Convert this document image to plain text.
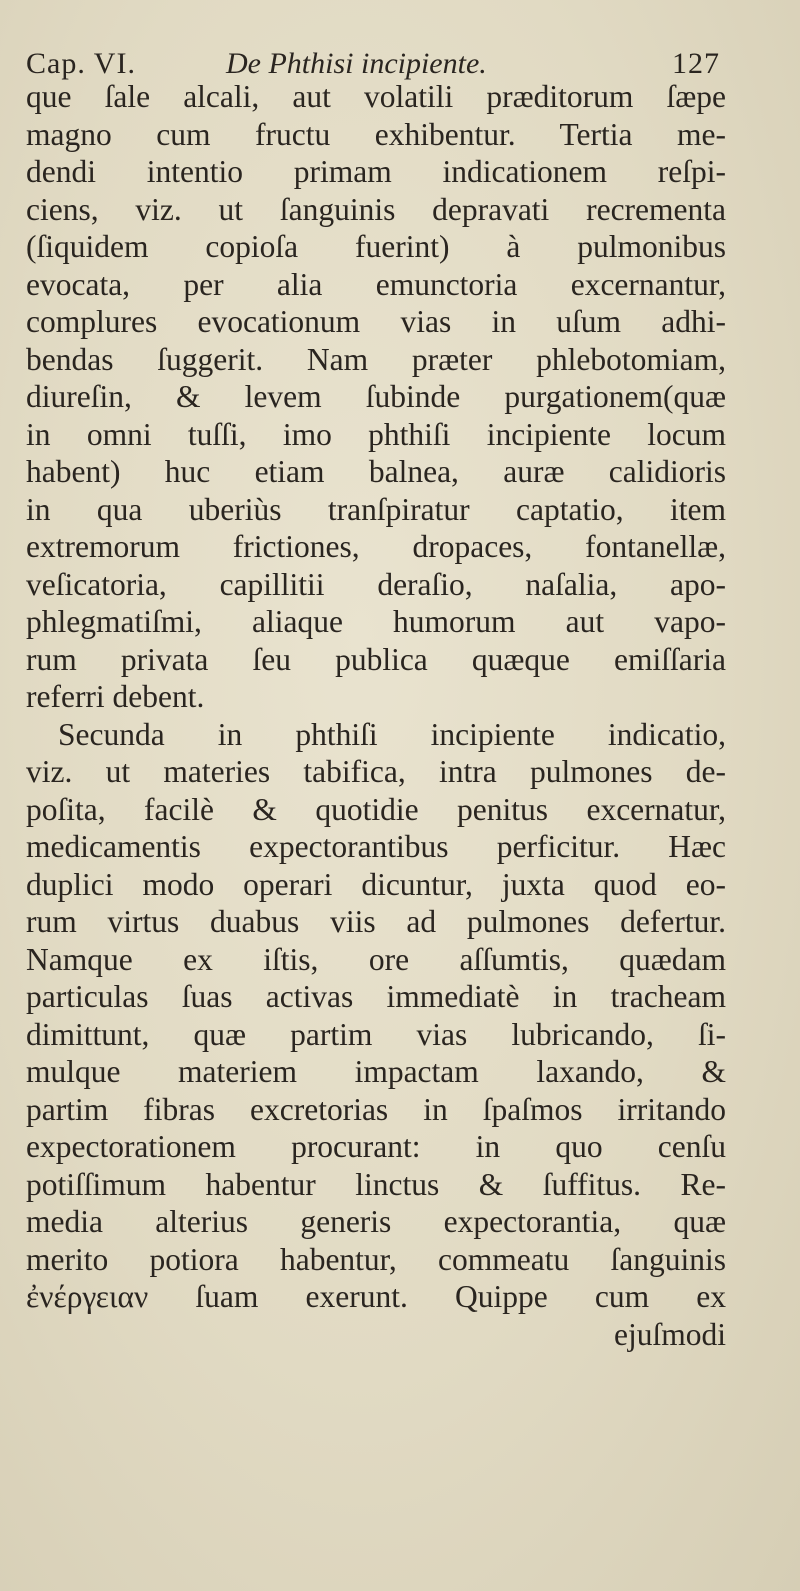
Cap. VI.	De Phthisi incipiente.	127
que ſale alcali, aut volatili præditorum ſæpe
magno cum fructu exhibentur. Tertia me-
dendi intentio primam indicationem reſpi-
ciens, viz. ut ſanguinis depravati recrementa
(ſiquidem copioſa fuerint) à pulmonibus
evocata, per alia emunctoria excernantur,
complures evocationum vias in uſum adhi-
bendas ſuggerit. Nam præter phlebotomiam,
diureſin, & levem ſubinde purgationem(quæ
in omni tuſſi, imo phthiſi incipiente locum
habent) huc etiam balnea, auræ calidioris
in qua uberiùs tranſpiratur captatio, item
extremorum frictiones, dropaces, fontanellæ,
veſicatoria, capillitii deraſio, naſalia, apo-
phlegmatiſmi, aliaque humorum aut vapo-
rum privata ſeu publica quæque emiſſaria
referri debent.
Secunda in phthiſi incipiente indicatio,
viz. ut materies tabifica, intra pulmones de-
poſita, facilè & quotidie penitus excernatur,
medicamentis expectorantibus perficitur. Hæc
duplici modo operari dicuntur, juxta quod eo-
rum virtus duabus viis ad pulmones defertur.
Namque ex iſtis, ore aſſumtis, quædam
particulas ſuas activas immediatè in tracheam
dimittunt, quæ partim vias lubricando, ſi-
mulque materiem impactam laxando, &
partim fibras excretorias in ſpaſmos irritando
expectorationem procurant: in quo cenſu
potiſſimum habentur linctus & ſuffitus. Re-
media alterius generis expectorantia, quæ
merito potiora habentur, commeatu ſanguinis
ἐνέργειαν ſuam exerunt. Quippe cum ex
ejuſmodi
